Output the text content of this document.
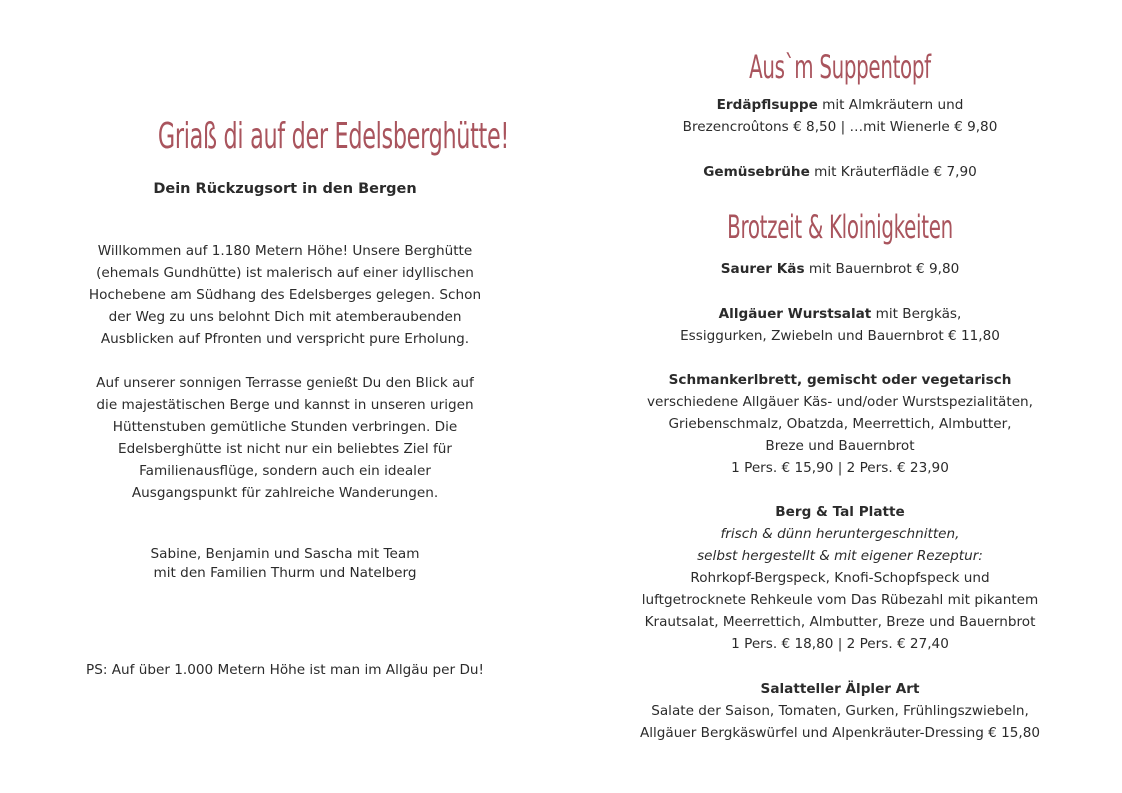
Griaß di auf der Edelsberghütte!
Dein Rückzugsort in den Bergen
Willkommen auf 1.180 Metern Höhe! Unsere Berghütte
(ehemals Gundhütte) ist malerisch auf einer idyllischen
Hochebene am Südhang des Edelsberges gelegen. Schon
der Weg zu uns belohnt Dich mit atemberaubenden
Ausblicken auf Pfronten und verspricht pure Erholung.
Auf unserer sonnigen Terrasse genießt Du den Blick auf
die majestätischen Berge und kannst in unseren urigen
Hüttenstuben gemütliche Stunden verbringen. Die
Edelsberghütte ist nicht nur ein beliebtes Ziel für
Familienausflüge, sondern auch ein idealer
Ausgangspunkt für zahlreiche Wanderungen.
Sabine, Benjamin und Sascha mit Team
mit den Familien Thurm und Natelberg
PS: Auf über 1.000 Metern Höhe ist man im Allgäu per Du!
Aus`m Suppentopf
Erdäpflsuppe mit Almkräutern und
Brezencroûtons € 8,50 | …mit Wienerle € 9,80
Gemüsebrühe mit Kräuterflädle € 7,90
Brotzeit & Kloinigkeiten
Saurer Käs mit Bauernbrot € 9,80
Allgäuer Wurstsalat mit Bergkäs,
Essiggurken, Zwiebeln und Bauernbrot € 11,80
Schmankerlbrett, gemischt oder vegetarisch
verschiedene Allgäuer Käs- und/oder Wurstspezialitäten,
Griebenschmalz, Obatzda, Meerrettich, Almbutter,
Breze und Bauernbrot
1 Pers. € 15,90 | 2 Pers. € 23,90
Berg & Tal Platte
frisch & dünn heruntergeschnitten,
selbst hergestellt & mit eigener Rezeptur:
Rohrkopf-Bergspeck, Knofi-Schopfspeck und
luftgetrocknete Rehkeule vom Das Rübezahl mit pikantem
Krautsalat, Meerrettich, Almbutter, Breze und Bauernbrot
1 Pers. € 18,80 | 2 Pers. € 27,40
Salatteller Älpler Art
Salate der Saison, Tomaten, Gurken, Frühlingszwiebeln,
Allgäuer Bergkäswürfel und Alpenkräuter-Dressing € 15,80
